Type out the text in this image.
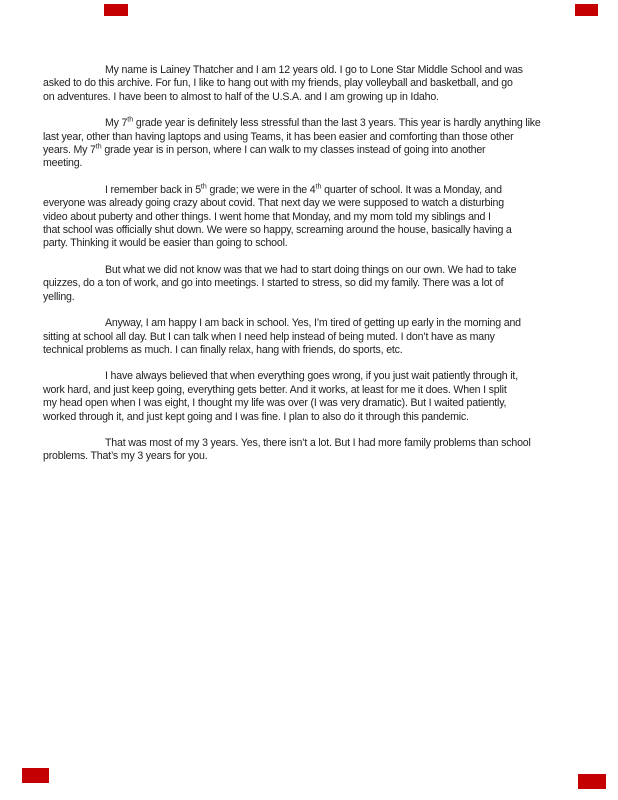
My name is Lainey Thatcher and I am 12 years old. I go to Lone Star Middle School and was
asked to do this archive. For fun, I like to hang out with my friends, play volleyball and basketball, and go
on adventures. I have been to almost to half of the U.S.A. and I am growing up in Idaho.

My 7th grade year is definitely less stressful than the last 3 years. This year is hardly anything like
last year, other than having laptops and using Teams, it has been easier and comforting than those other
years. My 7th grade year is in person, where I can walk to my classes instead of going into another
meeting.

I remember back in 5th grade; we were in the 4th quarter of school. It was a Monday, and
everyone was already going crazy about covid. That next day we were supposed to watch a disturbing
video about puberty and other things. I went home that Monday, and my mom told my siblings and I
that school was officially shut down. We were so happy, screaming around the house, basically having a
party. Thinking it would be easier than going to school.

But what we did not know was that we had to start doing things on our own. We had to take
quizzes, do a ton of work, and go into meetings. I started to stress, so did my family. There was a lot of
yelling.

Anyway, I am happy I am back in school. Yes, I’m tired of getting up early in the morning and
sitting at school all day. But I can talk when I need help instead of being muted. I don’t have as many
technical problems as much. I can finally relax, hang with friends, do sports, etc.

I have always believed that when everything goes wrong, if you just wait patiently through it,
work hard, and just keep going, everything gets better. And it works, at least for me it does. When I split
my head open when I was eight, I thought my life was over (I was very dramatic). But I waited patiently,
worked through it, and just kept going and I was fine. I plan to also do it through this pandemic.

That was most of my 3 years. Yes, there isn’t a lot. But I had more family problems than school
problems. That’s my 3 years for you.
